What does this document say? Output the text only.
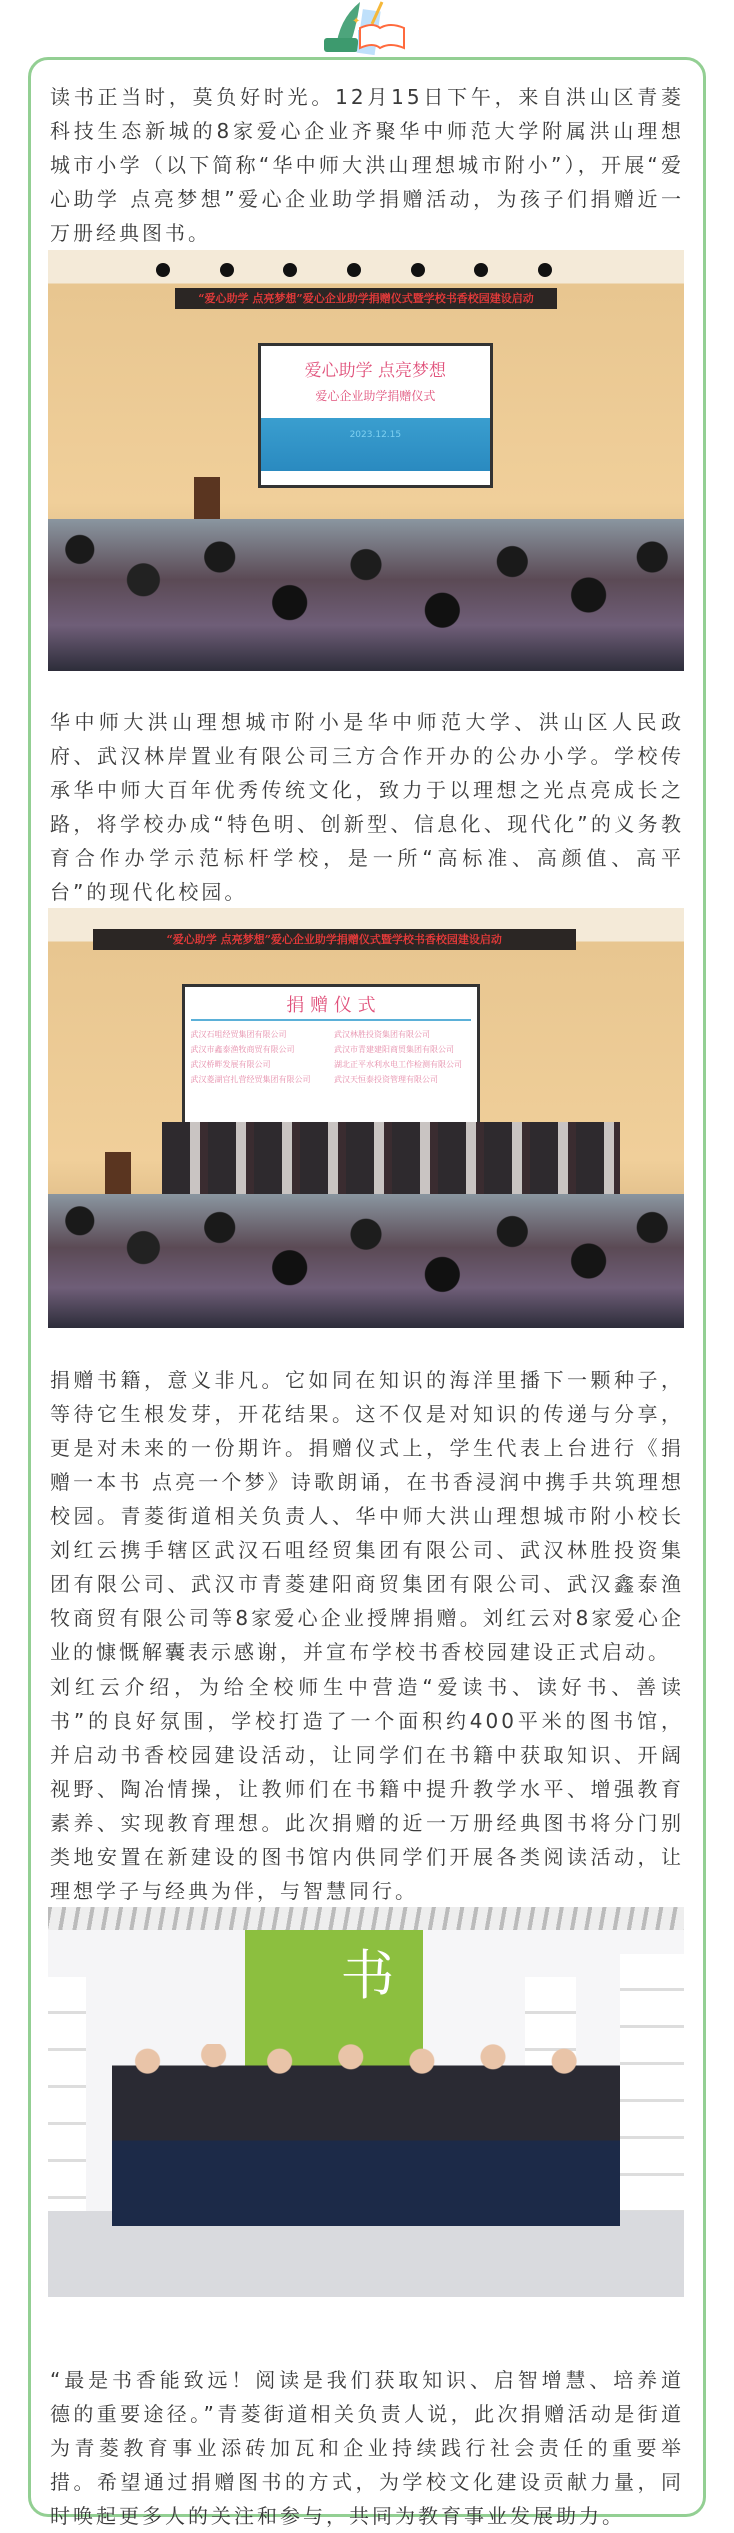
✦

读书正当时，莫负好时光。12月15日下午，来自洪山区青菱科技生态新城的8家爱心企业齐聚华中师范大学附属洪山理想城市小学（以下简称“华中师大洪山理想城市附小”），开展“爱心助学 点亮梦想”爱心企业助学捐赠活动，为孩子们捐赠近一万册经典图书。

“爱心助学 点亮梦想”爱心企业助学捐赠仪式暨学校书香校园建设启动
爱心助学 点亮梦想
爱心企业助学捐赠仪式
2023.12.15

华中师大洪山理想城市附小是华中师范大学、洪山区人民政府、武汉林岸置业有限公司三方合作开办的公办小学。学校传承华中师大百年优秀传统文化，致力于以理想之光点亮成长之路，将学校办成“特色明、创新型、信息化、现代化”的义务教育合作办学示范标杆学校，是一所“高标准、高颜值、高平台”的现代化校园。

“爱心助学 点亮梦想”爱心企业助学捐赠仪式暨学校书香校园建设启动
捐 赠 仪 式
武汉石咀经贸集团有限公司	武汉林胜投资集团有限公司
武汉市鑫泰渔牧商贸有限公司	武汉市青建建阳商贸集团有限公司
武汉桥畔发展有限公司	湖北正平水利水电工作检测有限公司
武汉菱湖官扎营经贸集团有限公司	武汉天恒泰投资管理有限公司

捐赠书籍，意义非凡。它如同在知识的海洋里播下一颗种子，等待它生根发芽，开花结果。这不仅是对知识的传递与分享，更是对未来的一份期许。捐赠仪式上，学生代表上台进行《捐赠一本书 点亮一个梦》诗歌朗诵，在书香浸润中携手共筑理想校园。青菱街道相关负责人、华中师大洪山理想城市附小校长刘红云携手辖区武汉石咀经贸集团有限公司、武汉林胜投资集团有限公司、武汉市青菱建阳商贸集团有限公司、武汉鑫泰渔牧商贸有限公司等8家爱心企业授牌捐赠。刘红云对8家爱心企业的慷慨解囊表示感谢，并宣布学校书香校园建设正式启动。

刘红云介绍，为给全校师生中营造“爱读书、读好书、善读书”的良好氛围，学校打造了一个面积约400平米的图书馆，并启动书香校园建设活动，让同学们在书籍中获取知识、开阔视野、陶冶情操，让教师们在书籍中提升教学水平、增强教育素养、实现教育理想。此次捐赠的近一万册经典图书将分门别类地安置在新建设的图书馆内供同学们开展各类阅读活动，让理想学子与经典为伴，与智慧同行。

书

“最是书香能致远！阅读是我们获取知识、启智增慧、培养道德的重要途径。”青菱街道相关负责人说，此次捐赠活动是街道为青菱教育事业添砖加瓦和企业持续践行社会责任的重要举措。希望通过捐赠图书的方式，为学校文化建设贡献力量，同时唤起更多人的关注和参与，共同为教育事业发展助力。
